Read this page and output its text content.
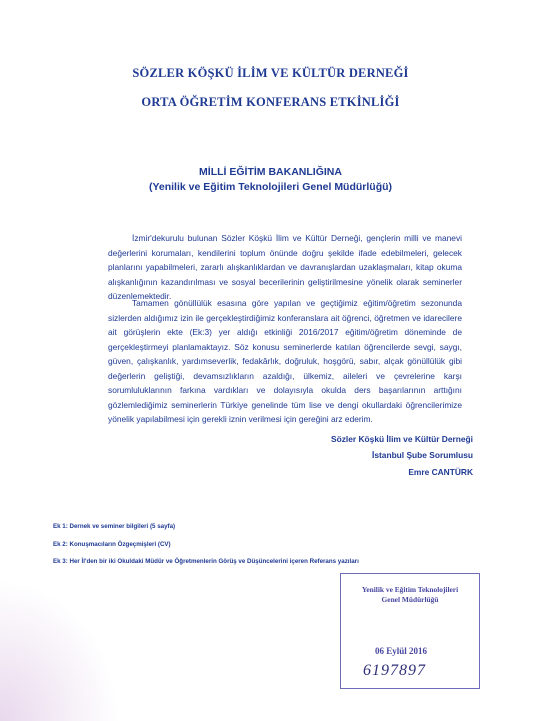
SÖZLER KÖŞKÜ İLİM VE KÜLTÜR DERNEĞİ
ORTA ÖĞRETİM KONFERANS ETKİNLİĞİ
MİLLİ EĞİTİM BAKANLIĞINA
(Yenilik ve Eğitim Teknolojileri Genel Müdürlüğü)
İzmir'dekurulu bulunan Sözler Köşkü İlim ve Kültür Derneği, gençlerin milli ve manevi değerlerini korumaları, kendilerini toplum önünde doğru şekilde ifade edebilmeleri, gelecek planlarını yapabilmeleri, zararlı alışkanlıklardan ve davranışlardan uzaklaşmaları, kitap okuma alışkanlığının kazandırılması ve sosyal becerilerinin geliştirilmesine yönelik olarak seminerler düzenlemektedir.
Tamamen gönüllülük esasına göre yapılan ve geçtiğimiz eğitim/öğretim sezonunda sizlerden aldığımız izin ile gerçekleştirdiğimiz konferanslara ait öğrenci, öğretmen ve idarecilere ait görüşlerin ekte (Ek:3) yer aldığı etkinliği 2016/2017 eğitim/öğretim döneminde de gerçekleştirmeyi planlamaktayız. Söz konusu seminerlerde katılan öğrencilerde sevgi, saygı, güven, çalışkanlık, yardımseverlik, fedakârlık, doğruluk, hoşgörü, sabır, alçak gönüllülük gibi değerlerin geliştiği, devamsızlıkların azaldığı, ülkemiz, aileleri ve çevrelerine karşı sorumluluklarının farkına vardıkları ve dolayısıyla okulda ders başarılarının arttığını gözlemlediğimiz seminerlerin Türkiye genelinde tüm lise ve dengi okullardaki öğrencilerimize yönelik yapılabilmesi için gerekli iznin verilmesi için gereğini arz ederim.
Sözler Köşkü İlim ve Kültür Derneği
İstanbul Şube Sorumlusu
Emre CANTÜRK
Ek 1: Dernek ve seminer bilgileri (5 sayfa)
Ek 2: Konuşmacıların Özgeçmişleri (CV)
Ek 3: Her İl'den bir iki Okuldaki Müdür ve Öğretmenlerin Görüş ve Düşüncelerini içeren Referans yazıları
Yenilik ve Eğitim Teknolojileri
Genel Müdürlüğü
06 Eylül 2016
6197897
